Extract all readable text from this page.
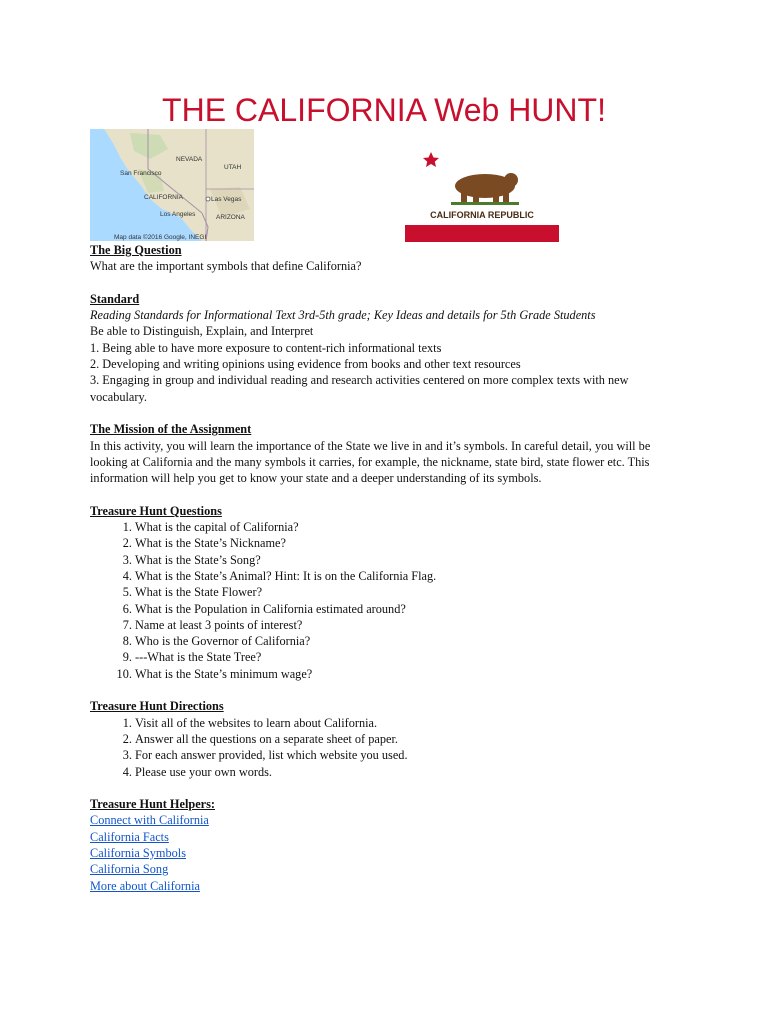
THE CALIFORNIA Web HUNT!
NEVADA
UTAH
San Francisco
CALIFORNIA	Las Vegas
Los Angeles	ARIZONA
Map data ©2016 Google, INEGI
CALIFORNIA REPUBLIC

The Big Question

What are the important symbols that define California?

Standard

Reading Standards for Informational Text 3rd-5th grade; Key Ideas and details for 5th Grade Students

Be able to Distinguish, Explain, and Interpret

1. Being able to have more exposure to content-rich informational texts

2. Developing and writing opinions using evidence from books and other text resources

3. Engaging in group and individual reading and research activities centered on more complex texts with new vocabulary.

The Mission of the Assignment

In this activity, you will learn the importance of the State we live in and it’s symbols. In careful detail, you will be looking at California and the many symbols it carries, for example, the nickname, state bird, state flower etc. This information will help you get to know your state and a deeper understanding of its symbols.

Treasure Hunt Questions

1. What is the capital of California?
2. What is the State’s Nickname?
3. What is the State’s Song?
4. What is the State’s Animal? Hint: It is on the California Flag.
5. What is the State Flower?
6. What is the Population in California estimated around?
7. Name at least 3 points of interest?
8. Who is the Governor of California?
9. ---What is the State Tree?
10. What is the State’s minimum wage?

Treasure Hunt Directions

1. Visit all of the websites to learn about California.
2. Answer all the questions on a separate sheet of paper.
3. For each answer provided, list which website you used.
4. Please use your own words.

Treasure Hunt Helpers:

Connect with California
California Facts
California Symbols
California Song
More about California
